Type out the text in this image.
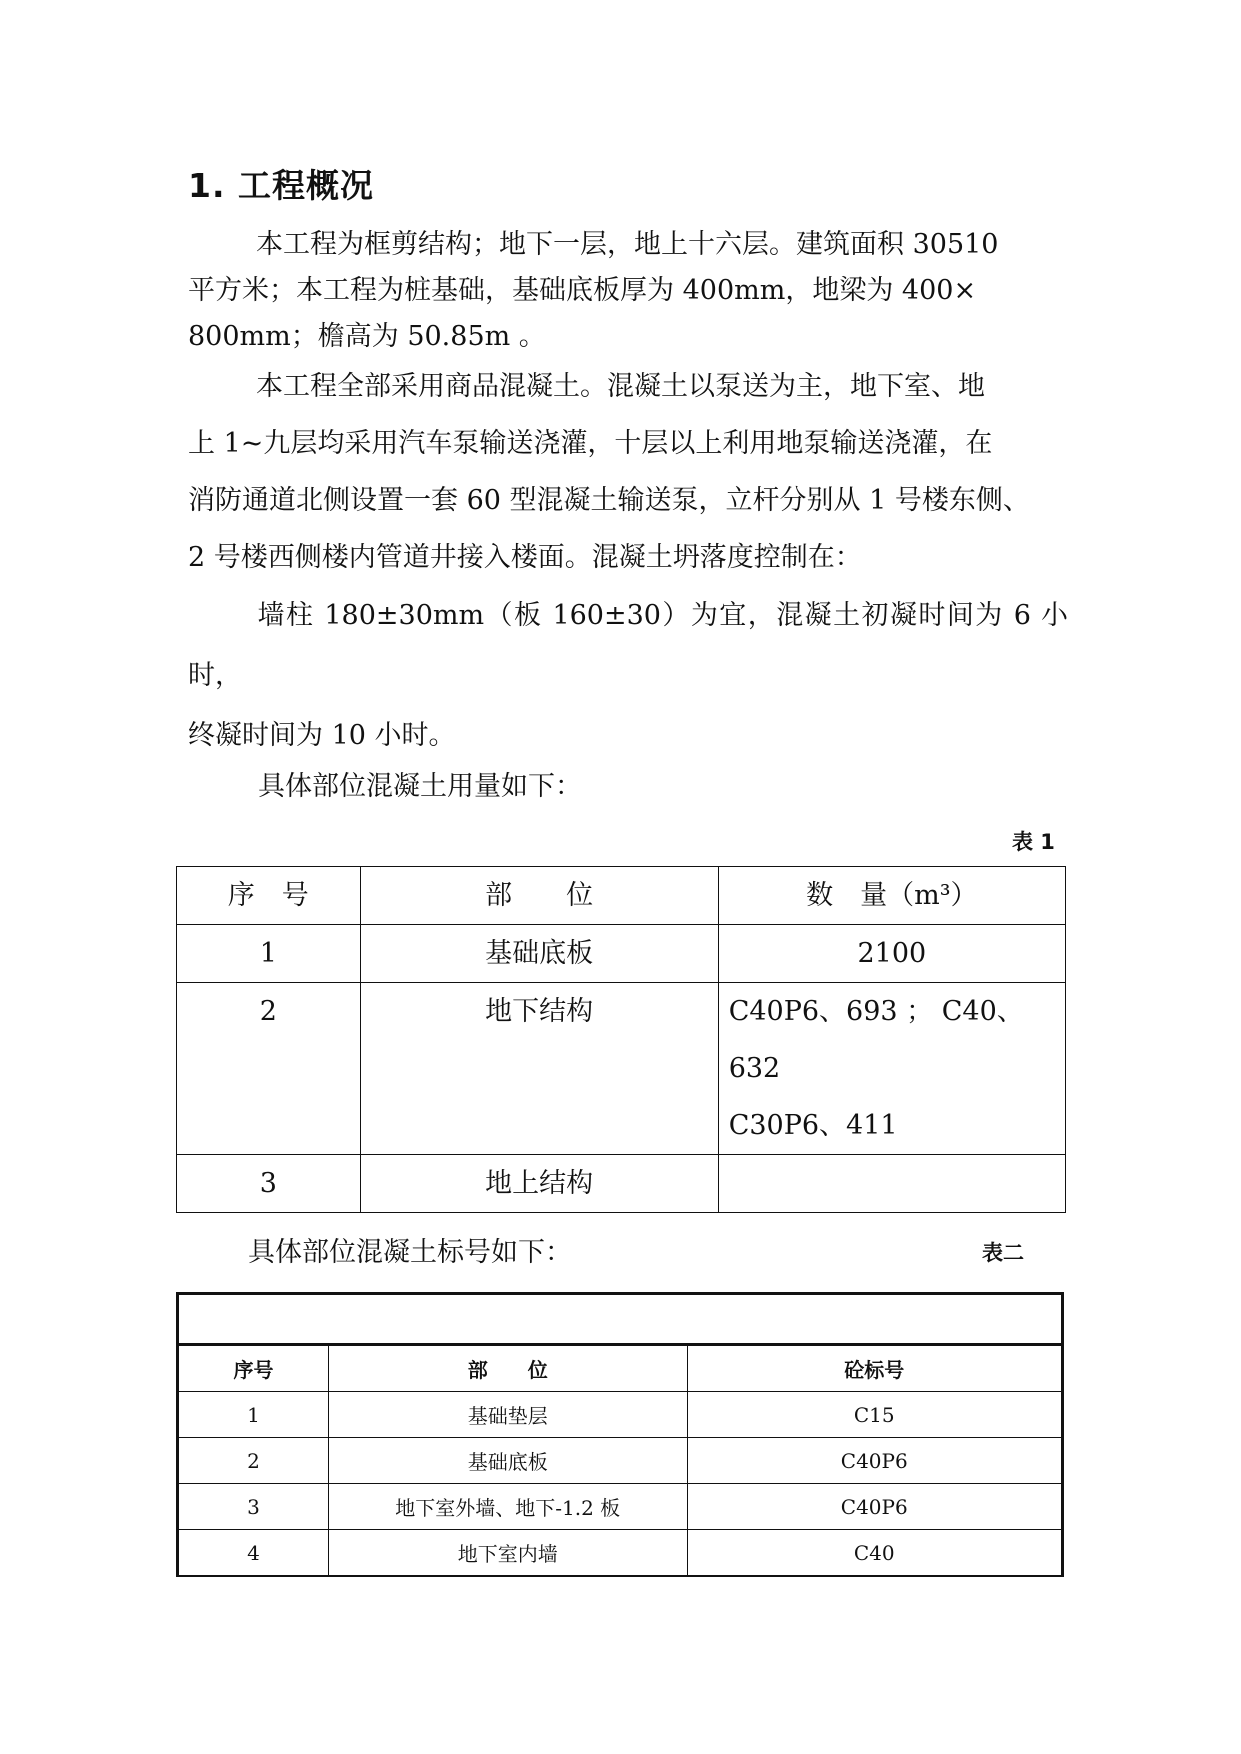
1. 工程概况
本工程为框剪结构；地下一层，地上十六层。建筑面积 30510
平方米；本工程为桩基础，基础底板厚为 400mm，地梁为 400×
800mm；檐高为 50.85m 。
本工程全部采用商品混凝土。混凝土以泵送为主，地下室、地
上 1~九层均采用汽车泵输送浇灌，十层以上利用地泵输送浇灌，在
消防通道北侧设置一套 60 型混凝土输送泵，立杆分别从 1 号楼东侧、
2 号楼西侧楼内管道井接入楼面。混凝土坍落度控制在：
墙柱 180±30mm（板 160±30）为宜，混凝土初凝时间为 6 小时，
终凝时间为 10 小时。
具体部位混凝土用量如下：
表 1
序　号	部　　位	数　量（m³）

1	基础底板	2100

2	地下结构	C40P6、693 ； C40、632
C30P6、411

3	地上结构	

具体部位混凝土标号如下：	表二

序号	部　　位	砼标号
1	基础垫层	C15
2	基础底板	C40P6
3	地下室外墙、地下-1.2 板	C40P6
4	地下室内墙	C40
